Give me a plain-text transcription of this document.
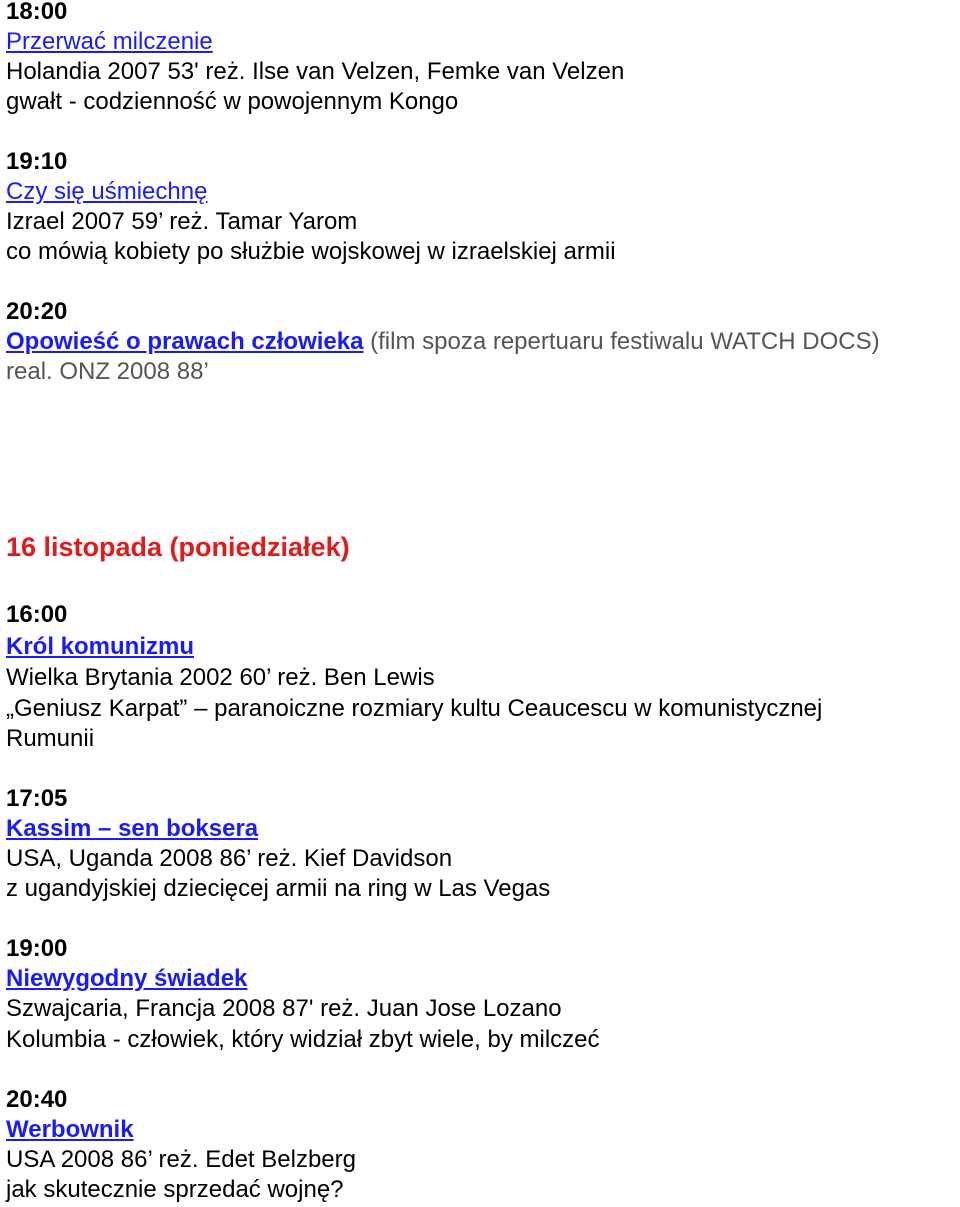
18:00
Przerwać milczenie
Holandia 2007 53' reż. Ilse van Velzen, Femke van Velzen
gwałt - codzienność w powojennym Kongo
19:10
Czy się uśmiechnę
Izrael 2007 59’ reż. Tamar Yarom
co mówią kobiety po służbie wojskowej w izraelskiej armii
20:20
Opowieść o prawach człowieka (film spoza repertuaru festiwalu WATCH DOCS)
real. ONZ 2008 88’
16 listopada (poniedziałek)
16:00
Król komunizmu
Wielka Brytania 2002 60’ reż. Ben Lewis
„Geniusz Karpat” – paranoiczne rozmiary kultu Ceaucescu w komunistycznej
Rumunii
17:05
Kassim – sen boksera
USA, Uganda 2008 86’ reż. Kief Davidson
z ugandyjskiej dziecięcej armii na ring w Las Vegas
19:00
Niewygodny świadek
Szwajcaria, Francja 2008 87' reż. Juan Jose Lozano
Kolumbia - człowiek, który widział zbyt wiele, by milczeć
20:40
Werbownik
USA 2008 86’ reż. Edet Belzberg
jak skutecznie sprzedać wojnę?
